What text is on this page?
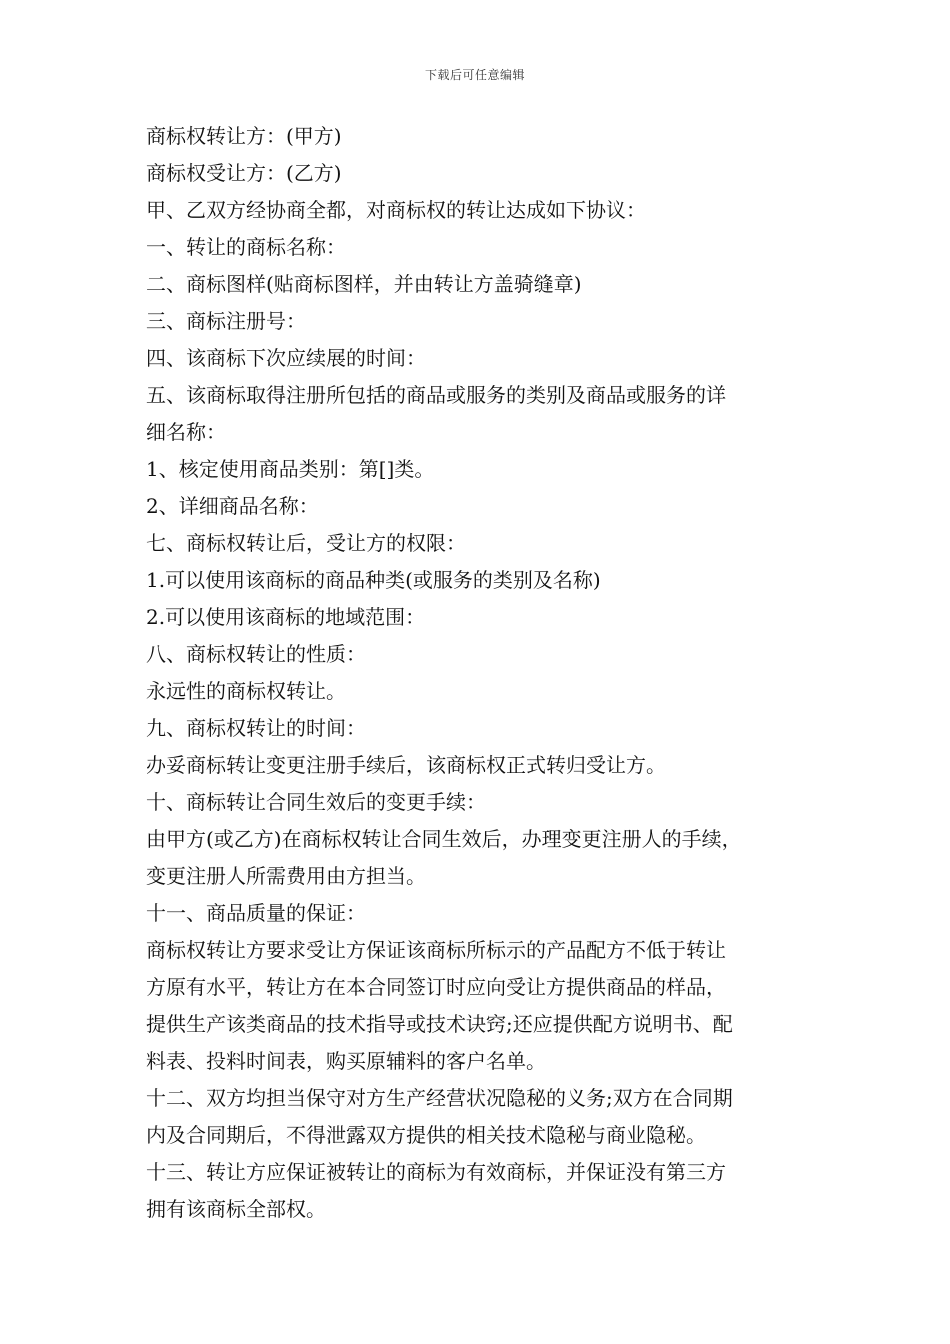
下载后可任意编辑
商标权转让方：(甲方)
商标权受让方：(乙方)
甲、乙双方经协商全都，对商标权的转让达成如下协议：
一、转让的商标名称：
二、商标图样(贴商标图样，并由转让方盖骑缝章)
三、商标注册号：
四、该商标下次应续展的时间：
五、该商标取得注册所包括的商品或服务的类别及商品或服务的详
细名称：
1、核定使用商品类别：第[]类。
2、详细商品名称：
七、商标权转让后，受让方的权限：
1.可以使用该商标的商品种类(或服务的类别及名称)
2.可以使用该商标的地域范围：
八、商标权转让的性质：
永远性的商标权转让。
九、商标权转让的时间：
办妥商标转让变更注册手续后，该商标权正式转归受让方。
十、商标转让合同生效后的变更手续：
由甲方(或乙方)在商标权转让合同生效后，办理变更注册人的手续，
变更注册人所需费用由方担当。
十一、商品质量的保证：
商标权转让方要求受让方保证该商标所标示的产品配方不低于转让
方原有水平，转让方在本合同签订时应向受让方提供商品的样品，
提供生产该类商品的技术指导或技术诀窍;还应提供配方说明书、配
料表、投料时间表，购买原辅料的客户名单。
十二、双方均担当保守对方生产经营状况隐秘的义务;双方在合同期
内及合同期后，不得泄露双方提供的相关技术隐秘与商业隐秘。
十三、转让方应保证被转让的商标为有效商标，并保证没有第三方
拥有该商标全部权。
